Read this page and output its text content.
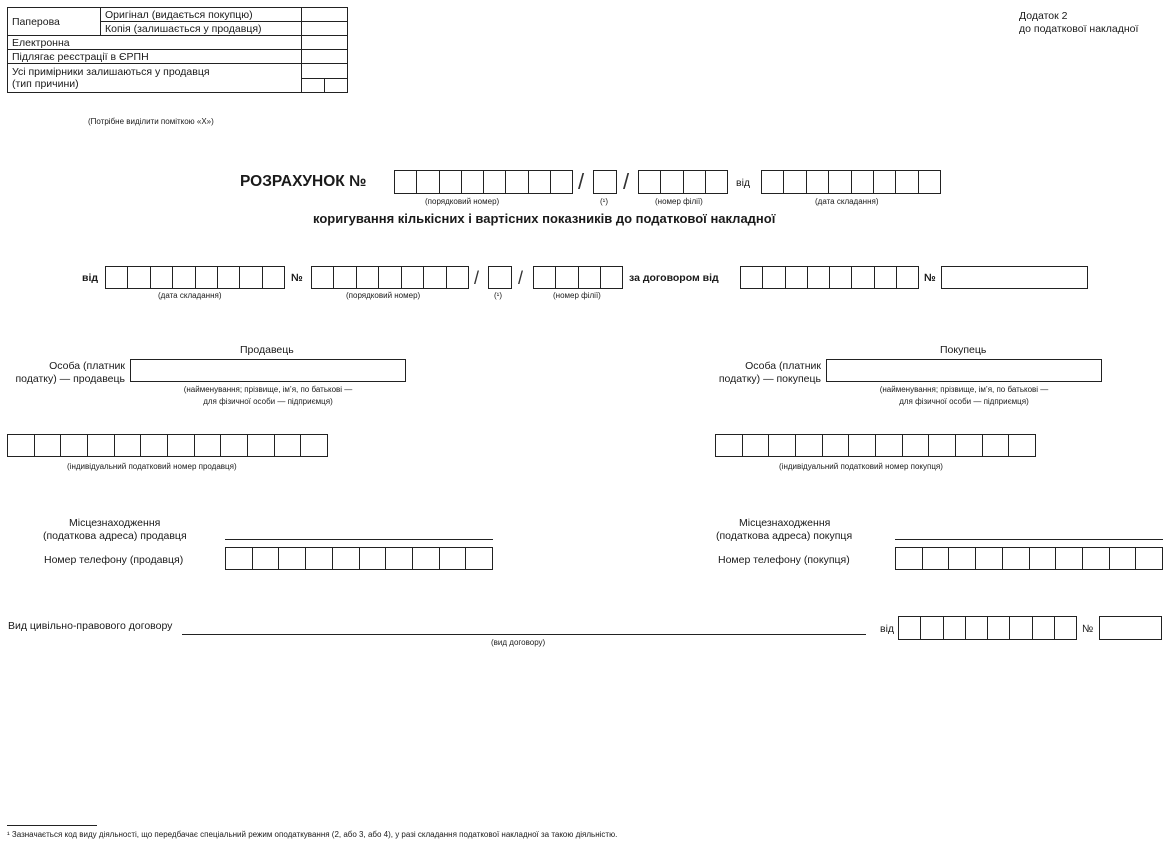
Паперова	Оригінал (видається покупцю)		
	Копія (залишається у продавця)		
Електронна			
Підлягає реєстрації в ЄРПН			
Усі примірники залишаються у продавця
(тип причини)			

(Потрібне виділити поміткою «Х»)
Додаток 2
до податкової накладної
РОЗРАХУНОК №	/ /	від
(порядковий номер)	(¹)	(номер філії)	(дата складання)
коригування кількісних і вартісних показників до податкової накладної
від	№	/ /	за договором від	№
(дата складання)	(порядковий номер)	(¹)	(номер філії)
Продавець
Особа (платник
податку) — продавець
(найменування; прізвище, ім’я, по батькові —
для фізичної особи — підприємця)
(індивідуальний податковий номер продавця)
Місцезнаходження
(податкова адреса) продавця
Номер телефону (продавця)
Покупець
Особа (платник
податку) — покупець
(найменування; прізвище, ім’я, по батькові —
для фізичної особи — підприємця)
(індивідуальний податковий номер покупця)
Місцезнаходження
(податкова адреса) покупця
Номер телефону (покупця)
Вид цивільно-правового договору
(вид договору)
від	№
¹ Зазначається код виду діяльності, що передбачає спеціальний режим оподаткування (2, або 3, або 4), у разі складання податкової накладної за такою діяльністю.
